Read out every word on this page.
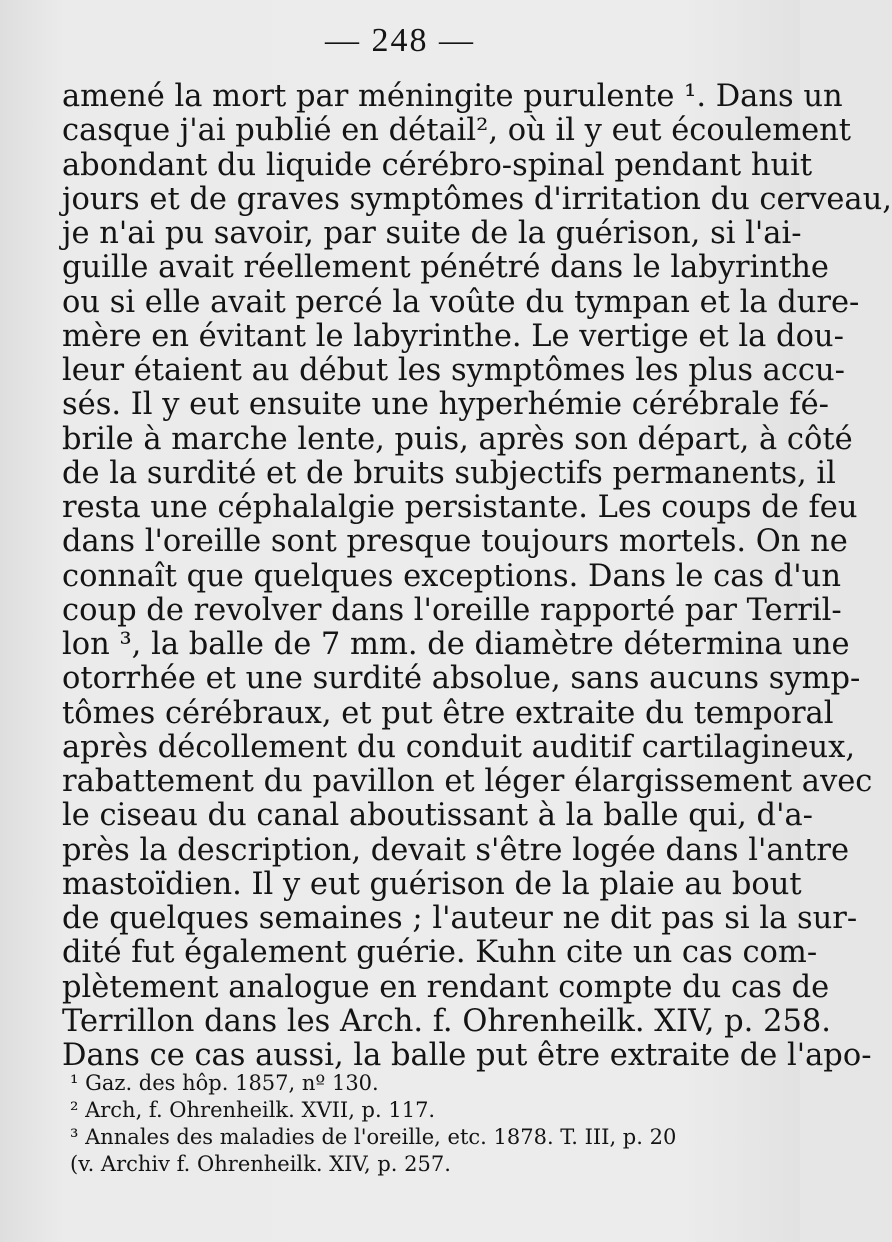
— 248 —
amené la mort par méningite purulente ¹. Dans un
casque j'ai publié en détail², où il y eut écoulement
abondant du liquide cérébro-spinal pendant huit
jours et de graves symptômes d'irritation du cerveau,
je n'ai pu savoir, par suite de la guérison, si l'ai-
guille avait réellement pénétré dans le labyrinthe
ou si elle avait percé la voûte du tympan et la dure-
mère en évitant le labyrinthe. Le vertige et la dou-
leur étaient au début les symptômes les plus accu-
sés. Il y eut ensuite une hyperhémie cérébrale fé-
brile à marche lente, puis, après son départ, à côté
de la surdité et de bruits subjectifs permanents, il
resta une céphalalgie persistante. Les coups de feu
dans l'oreille sont presque toujours mortels. On ne
connaît que quelques exceptions. Dans le cas d'un
coup de revolver dans l'oreille rapporté par Terril-
lon ³, la balle de 7 mm. de diamètre détermina une
otorrhée et une surdité absolue, sans aucuns symp-
tômes cérébraux, et put être extraite du temporal
après décollement du conduit auditif cartilagineux,
rabattement du pavillon et léger élargissement avec
le ciseau du canal aboutissant à la balle qui, d'a-
près la description, devait s'être logée dans l'antre
mastoïdien. Il y eut guérison de la plaie au bout
de quelques semaines ; l'auteur ne dit pas si la sur-
dité fut également guérie. Kuhn cite un cas com-
plètement analogue en rendant compte du cas de
Terrillon dans les Arch. f. Ohrenheilk. XIV, p. 258.
Dans ce cas aussi, la balle put être extraite de l'apo-
¹ Gaz. des hôp. 1857, nº 130.
² Arch, f. Ohrenheilk. XVII, p. 117.
³ Annales des maladies de l'oreille, etc. 1878. T. III, p. 20
(v. Archiv f. Ohrenheilk. XIV, p. 257.
